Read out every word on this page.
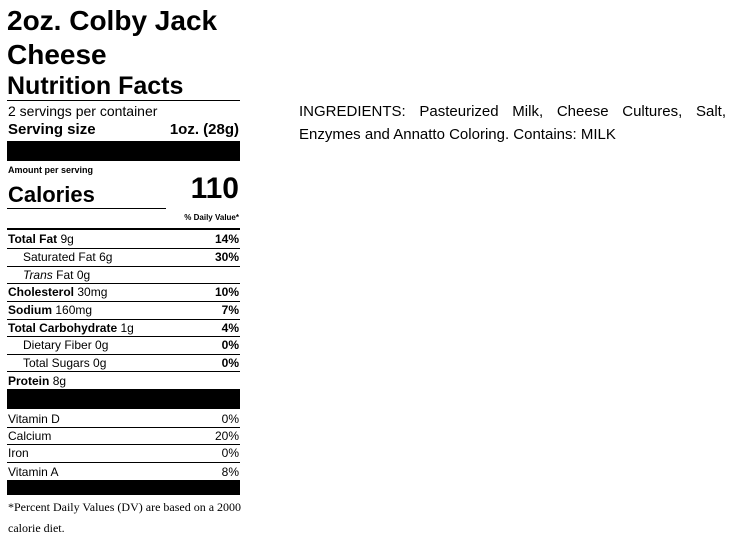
2oz. Colby Jack Cheese
Nutrition Facts
2 servings per container
Serving size	1oz. (28g)
Amount per serving
Calories	110
% Daily Value*
Total Fat 9g	14%
Saturated Fat 6g	30%
Trans Fat 0g
Cholesterol 30mg	10%
Sodium 160mg	7%
Total Carbohydrate 1g	4%
Dietary Fiber 0g	0%
Total Sugars 0g	0%
Protein 8g
Vitamin D	0%
Calcium	20%
Iron	0%
Vitamin A	8%
*Percent Daily Values (DV) are based on a 2000 calorie diet.
INGREDIENTS: Pasteurized Milk, Cheese Cultures, Salt, Enzymes and Annatto Coloring. Contains: MILK
